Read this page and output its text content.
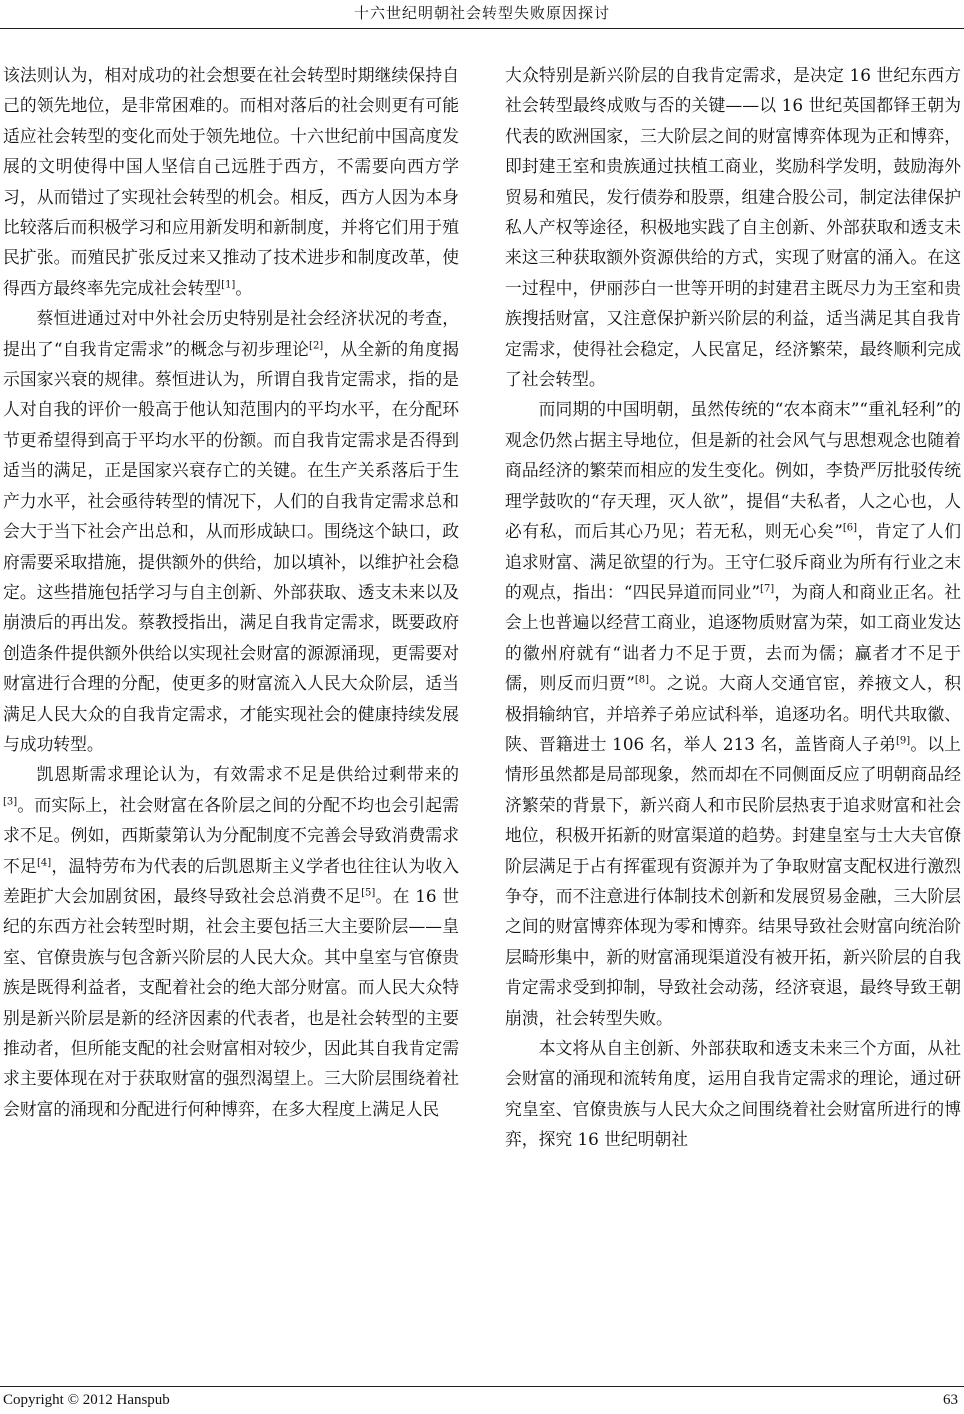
十六世纪明朝社会转型失败原因探讨

该法则认为，相对成功的社会想要在社会转型时期继续保持自己的领先地位，是非常困难的。而相对落后的社会则更有可能适应社会转型的变化而处于领先地位。十六世纪前中国高度发展的文明使得中国人坚信自己远胜于西方，不需要向西方学习，从而错过了实现社会转型的机会。相反，西方人因为本身比较落后而积极学习和应用新发明和新制度，并将它们用于殖民扩张。而殖民扩张反过来又推动了技术进步和制度改革，使得西方最终率先完成社会转型[1]。

蔡恒进通过对中外社会历史特别是社会经济状况的考查，提出了“自我肯定需求”的概念与初步理论[2]，从全新的角度揭示国家兴衰的规律。蔡恒进认为，所谓自我肯定需求，指的是人对自我的评价一般高于他认知范围内的平均水平，在分配环节更希望得到高于平均水平的份额。而自我肯定需求是否得到适当的满足，正是国家兴衰存亡的关键。在生产关系落后于生产力水平，社会亟待转型的情况下，人们的自我肯定需求总和会大于当下社会产出总和，从而形成缺口。围绕这个缺口，政府需要采取措施，提供额外的供给，加以填补，以维护社会稳定。这些措施包括学习与自主创新、外部获取、透支未来以及崩溃后的再出发。蔡教授指出，满足自我肯定需求，既要政府创造条件提供额外供给以实现社会财富的源源涌现，更需要对财富进行合理的分配，使更多的财富流入人民大众阶层，适当满足人民大众的自我肯定需求，才能实现社会的健康持续发展与成功转型。

凯恩斯需求理论认为，有效需求不足是供给过剩带来的[3]。而实际上，社会财富在各阶层之间的分配不均也会引起需求不足。例如，西斯蒙第认为分配制度不完善会导致消费需求不足[4]，温特劳布为代表的后凯恩斯主义学者也往往认为收入差距扩大会加剧贫困，最终导致社会总消费不足[5]。在 16 世纪的东西方社会转型时期，社会主要包括三大主要阶层——皇室、官僚贵族与包含新兴阶层的人民大众。其中皇室与官僚贵族是既得利益者，支配着社会的绝大部分财富。而人民大众特别是新兴阶层是新的经济因素的代表者，也是社会转型的主要推动者，但所能支配的社会财富相对较少，因此其自我肯定需求主要体现在对于获取财富的强烈渴望上。三大阶层围绕着社会财富的涌现和分配进行何种博弈，在多大程度上满足人民

大众特别是新兴阶层的自我肯定需求，是决定 16 世纪东西方社会转型最终成败与否的关键——以 16 世纪英国都铎王朝为代表的欧洲国家，三大阶层之间的财富博弈体现为正和博弈，即封建王室和贵族通过扶植工商业，奖励科学发明，鼓励海外贸易和殖民，发行债券和股票，组建合股公司，制定法律保护私人产权等途径，积极地实践了自主创新、外部获取和透支未来这三种获取额外资源供给的方式，实现了财富的涌入。在这一过程中，伊丽莎白一世等开明的封建君主既尽力为王室和贵族搜括财富，又注意保护新兴阶层的利益，适当满足其自我肯定需求，使得社会稳定，人民富足，经济繁荣，最终顺利完成了社会转型。

而同期的中国明朝，虽然传统的“农本商末”“重礼轻利”的观念仍然占据主导地位，但是新的社会风气与思想观念也随着商品经济的繁荣而相应的发生变化。例如，李贽严厉批驳传统理学鼓吹的“存天理，灭人欲”，提倡“夫私者，人之心也，人必有私，而后其心乃见；若无私，则无心矣”[6]，肯定了人们追求财富、满足欲望的行为。王守仁驳斥商业为所有行业之末的观点，指出：“四民异道而同业”[7]，为商人和商业正名。社会上也普遍以经营工商业，追逐物质财富为荣，如工商业发达的徽州府就有“诎者力不足于贾，去而为儒；赢者才不足于儒，则反而归贾”[8]。之说。大商人交通官宦，养掖文人，积极捐输纳官，并培养子弟应试科举，追逐功名。明代共取徽、陕、晋籍进士 106 名，举人 213 名，盖皆商人子弟[9]。以上情形虽然都是局部现象，然而却在不同侧面反应了明朝商品经济繁荣的背景下，新兴商人和市民阶层热衷于追求财富和社会地位，积极开拓新的财富渠道的趋势。封建皇室与士大夫官僚阶层满足于占有挥霍现有资源并为了争取财富支配权进行激烈争夺，而不注意进行体制技术创新和发展贸易金融，三大阶层之间的财富博弈体现为零和博弈。结果导致社会财富向统治阶层畸形集中，新的财富涌现渠道没有被开拓，新兴阶层的自我肯定需求受到抑制，导致社会动荡，经济衰退，最终导致王朝崩溃，社会转型失败。

本文将从自主创新、外部获取和透支未来三个方面，从社会财富的涌现和流转角度，运用自我肯定需求的理论，通过研究皇室、官僚贵族与人民大众之间围绕着社会财富所进行的博弈，探究 16 世纪明朝社

Copyright © 2012 Hanspub	63
